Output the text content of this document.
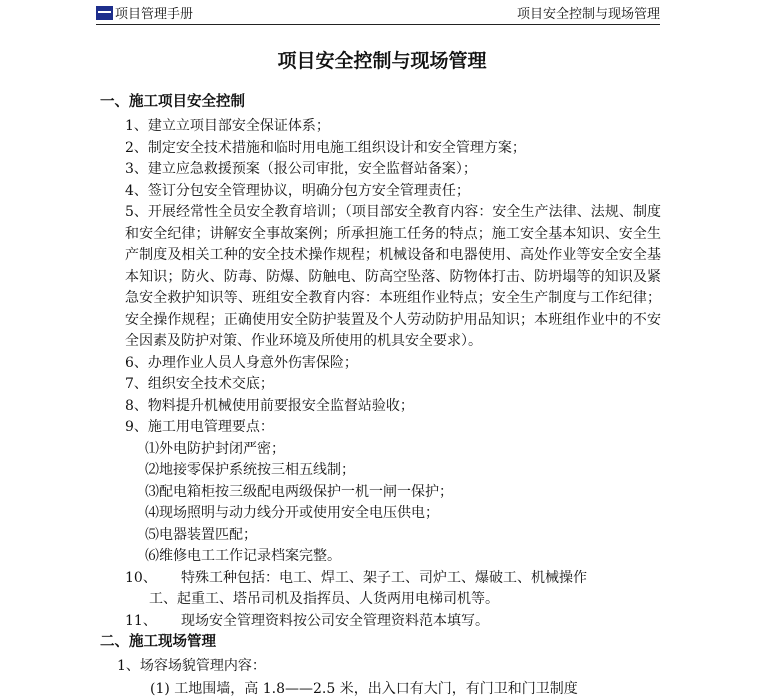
项目管理手册	项目安全控制与现场管理
项目安全控制与现场管理
一、施工项目安全控制

1、建立立项目部安全保证体系；

2、制定安全技术措施和临时用电施工组织设计和安全管理方案；

3、建立应急救援预案（报公司审批，安全监督站备案）；

4、签订分包安全管理协议，明确分包方安全管理责任；

5、开展经常性全员安全教育培训；（项目部安全教育内容：安全生产法律、法规、制度和安全纪律；讲解安全事故案例；所承担施工任务的特点；施工安全基本知识、安全生产制度及相关工种的安全技术操作规程；机械设备和电器使用、高处作业等安全安全基本知识；防火、防毒、防爆、防触电、防高空坠落、防物体打击、防坍塌等的知识及紧急安全救护知识等、班组安全教育内容：本班组作业特点；安全生产制度与工作纪律；安全操作规程；正确使用安全防护装置及个人劳动防护用品知识；本班组作业中的不安全因素及防护对策、作业环境及所使用的机具安全要求）。

6、办理作业人员人身意外伤害保险；

7、组织安全技术交底；

8、物料提升机械使用前要报安全监督站验收；

9、施工用电管理要点：

⑴外电防护封闭严密；

⑵地接零保护系统按三相五线制；

⑶配电箱柜按三级配电两级保护一机一闸一保护；

⑷现场照明与动力线分开或使用安全电压供电；

⑸电器装置匹配；

⑹维修电工工作记录档案完整。

10、 特殊工种包括：电工、焊工、架子工、司炉工、爆破工、机械操作

工、起重工、塔吊司机及指挥员、人货两用电梯司机等。

11、 现场安全管理资料按公司安全管理资料范本填写。

二、施工现场管理

1、场容场貌管理内容：

(1) 工地围墙，高 1.8——2.5 米，出入口有大门，有门卫和门卫制度
